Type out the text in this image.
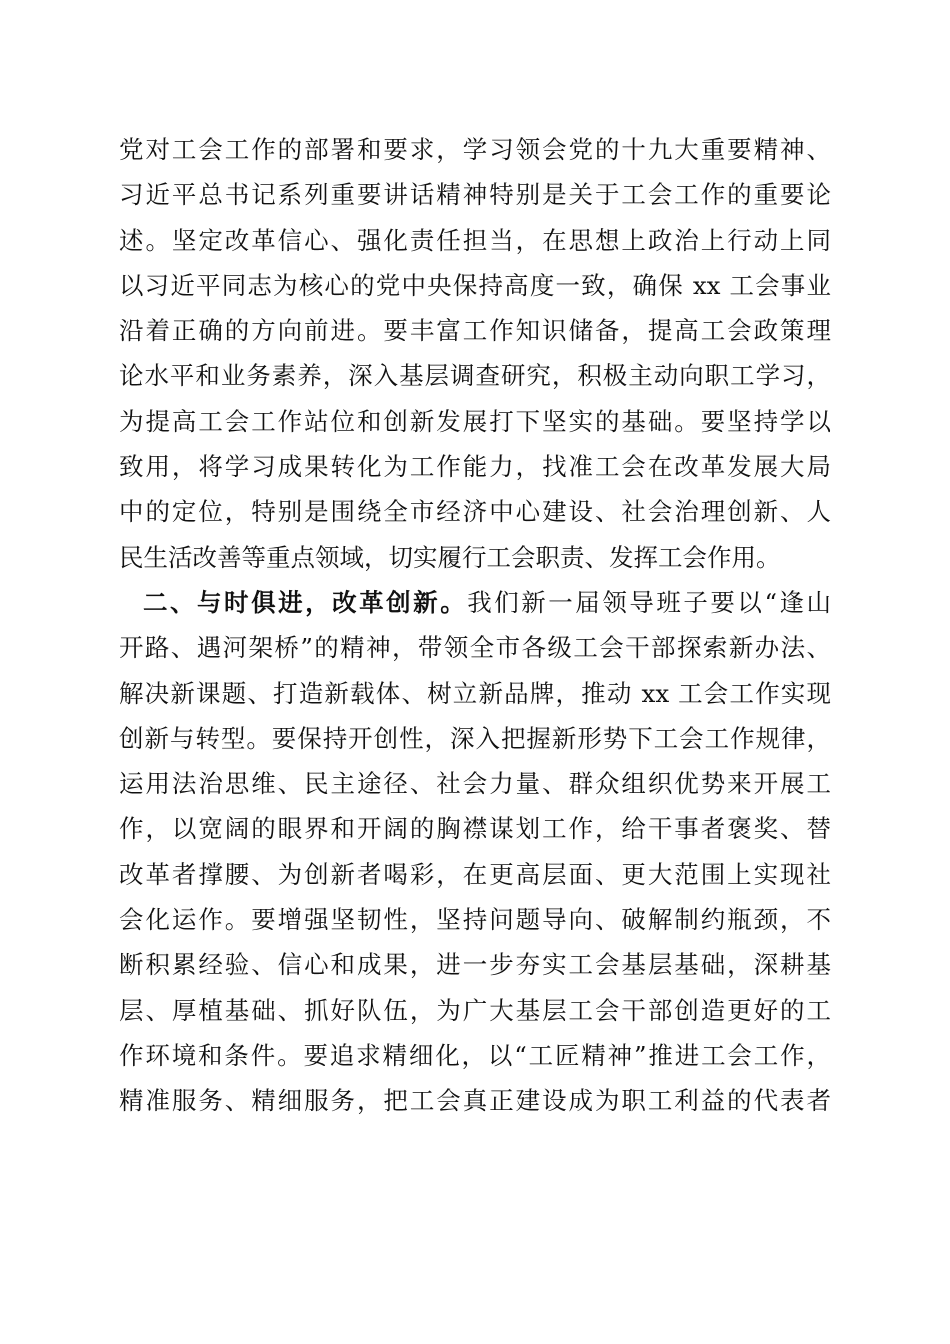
党对工会工作的部署和要求，学习领会党的十九大重要精神、
习近平总书记系列重要讲话精神特别是关于工会工作的重要论
述。坚定改革信心、强化责任担当，在思想上政治上行动上同
以习近平同志为核心的党中央保持高度一致，确保 xx 工会事业
沿着正确的方向前进。要丰富工作知识储备，提高工会政策理
论水平和业务素养，深入基层调查研究，积极主动向职工学习，
为提高工会工作站位和创新发展打下坚实的基础。要坚持学以
致用，将学习成果转化为工作能力，找准工会在改革发展大局
中的定位，特别是围绕全市经济中心建设、社会治理创新、人
民生活改善等重点领域，切实履行工会职责、发挥工会作用。
二、与时俱进，改革创新。我们新一届领导班子要以“逢山
开路、遇河架桥”的精神，带领全市各级工会干部探索新办法、
解决新课题、打造新载体、树立新品牌，推动 xx 工会工作实现
创新与转型。要保持开创性，深入把握新形势下工会工作规律，
运用法治思维、民主途径、社会力量、群众组织优势来开展工
作，以宽阔的眼界和开阔的胸襟谋划工作，给干事者褒奖、替
改革者撑腰、为创新者喝彩，在更高层面、更大范围上实现社
会化运作。要增强坚韧性，坚持问题导向、破解制约瓶颈，不
断积累经验、信心和成果，进一步夯实工会基层基础，深耕基
层、厚植基础、抓好队伍，为广大基层工会干部创造更好的工
作环境和条件。要追求精细化，以“工匠精神”推进工会工作，
精准服务、精细服务，把工会真正建设成为职工利益的代表者
